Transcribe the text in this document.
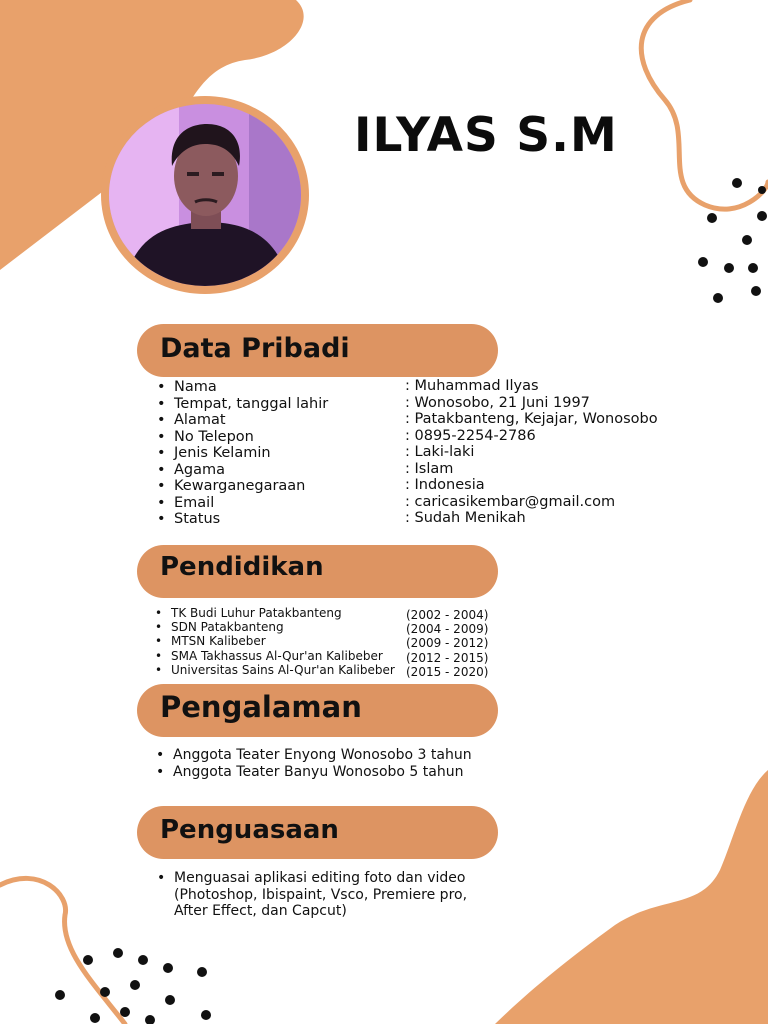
ILYAS S.M
Data Pribadi
• Nama	: Muhammad Ilyas
• Tempat, tanggal lahir	: Wonosobo, 21 Juni 1997
• Alamat	: Patakbanteng, Kejajar, Wonosobo
• No Telepon	: 0895-2254-2786
• Jenis Kelamin	: Laki-laki
• Agama	: Islam
• Kewarganegaraan	: Indonesia
• Email	: caricasikembar@gmail.com
• Status	: Sudah Menikah
Pendidikan
• TK Budi Luhur Patakbanteng	(2002 - 2004)
• SDN Patakbanteng	(2004 - 2009)
• MTSN Kalibeber	(2009 - 2012)
• SMA Takhassus Al-Qur'an Kalibeber (2012 - 2015)
• Universitas Sains Al-Qur'an Kalibeber (2015 - 2020)
Pengalaman
• Anggota Teater Enyong Wonosobo 3 tahun
• Anggota Teater Banyu Wonosobo 5 tahun
Penguasaan
• Menguasai aplikasi editing foto dan video (Photoshop, Ibispaint, Vsco, Premiere pro, After Effect, dan Capcut)
